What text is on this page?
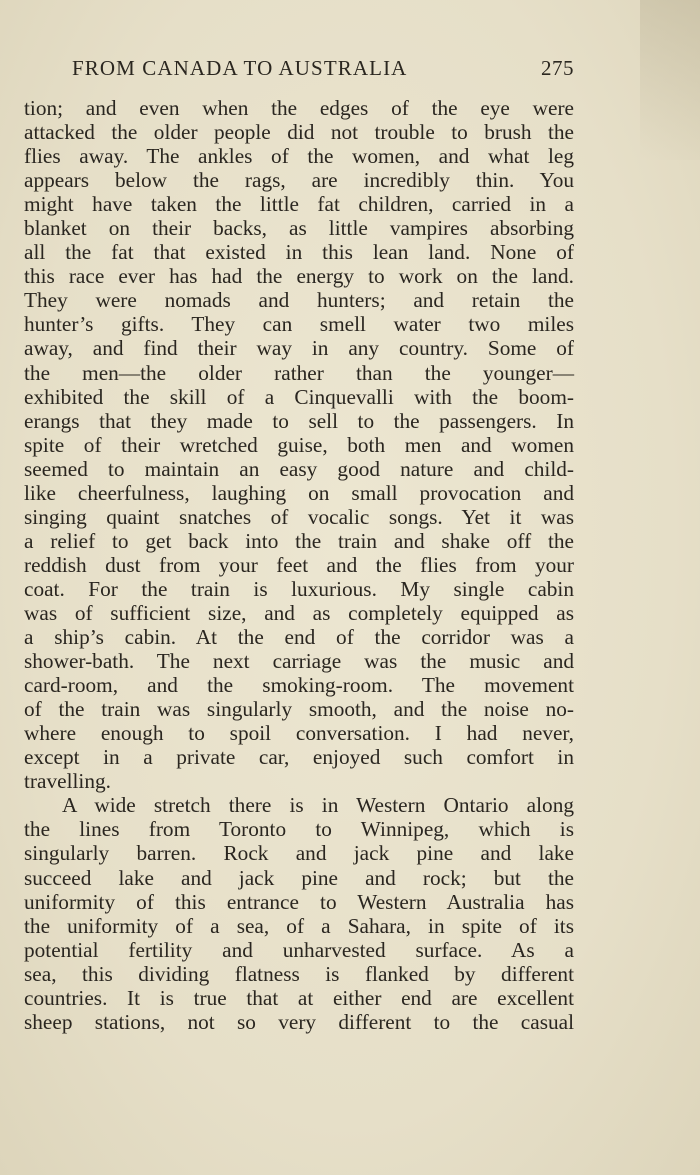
FROM CANADA TO AUSTRALIA	275
tion; and even when the edges of the eye were
attacked the older people did not trouble to brush the
flies away. The ankles of the women, and what leg
appears below the rags, are incredibly thin. You
might have taken the little fat children, carried in a
blanket on their backs, as little vampires absorbing
all the fat that existed in this lean land. None of
this race ever has had the energy to work on the land.
They were nomads and hunters; and retain the
hunter’s gifts. They can smell water two miles
away, and find their way in any country. Some of
the men—the older rather than the younger—
exhibited the skill of a Cinquevalli with the boom-
erangs that they made to sell to the passengers. In
spite of their wretched guise, both men and women
seemed to maintain an easy good nature and child-
like cheerfulness, laughing on small provocation and
singing quaint snatches of vocalic songs. Yet it was
a relief to get back into the train and shake off the
reddish dust from your feet and the flies from your
coat. For the train is luxurious. My single cabin
was of sufficient size, and as completely equipped as
a ship’s cabin. At the end of the corridor was a
shower-bath. The next carriage was the music and
card-room, and the smoking-room. The movement
of the train was singularly smooth, and the noise no-
where enough to spoil conversation. I had never,
except in a private car, enjoyed such comfort in
travelling.
A wide stretch there is in Western Ontario along
the lines from Toronto to Winnipeg, which is
singularly barren. Rock and jack pine and lake
succeed lake and jack pine and rock; but the
uniformity of this entrance to Western Australia has
the uniformity of a sea, of a Sahara, in spite of its
potential fertility and unharvested surface. As a
sea, this dividing flatness is flanked by different
countries. It is true that at either end are excellent
sheep stations, not so very different to the casual
